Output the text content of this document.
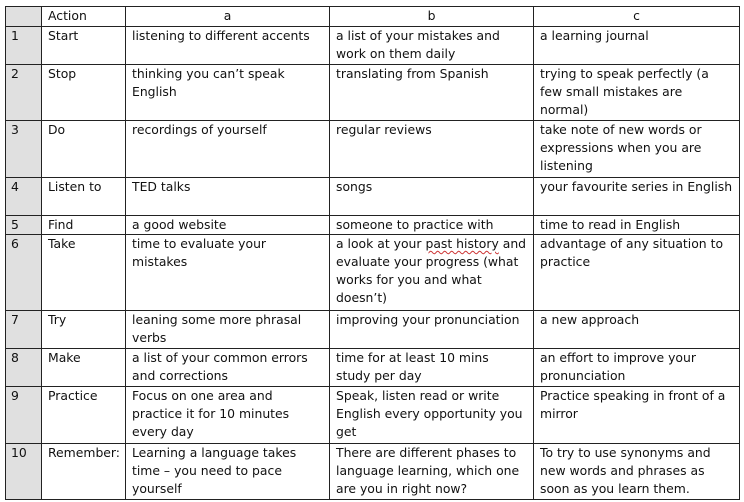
	Action	a	b	c
1	Start	listening to different accents	a list of your mistakes and work on them daily	a learning journal
2	Stop	thinking you can’t speak English	translating from Spanish	trying to speak perfectly (a few small mistakes are normal)
3	Do	recordings of yourself	regular reviews	take note of new words or expressions when you are listening
4	Listen to	TED talks	songs	your favourite series in English
5	Find	a good website	someone to practice with	time to read in English
6	Take	time to evaluate your mistakes	a look at your past history and evaluate your progress (what works for you and what doesn’t)	advantage of any situation to practice
7	Try	leaning some more phrasal verbs	improving your pronunciation	a new approach
8	Make	a list of your common errors and corrections	time for at least 10 mins study per day	an effort to improve your pronunciation
9	Practice	Focus on one area and practice it for 10 minutes every day	Speak, listen read or write English every opportunity you get	Practice speaking in front of a mirror
10	Remember:	Learning a language takes time – you need to pace yourself	There are different phases to language learning, which one are you in right now?	To try to use synonyms and new words and phrases as soon as you learn them.
